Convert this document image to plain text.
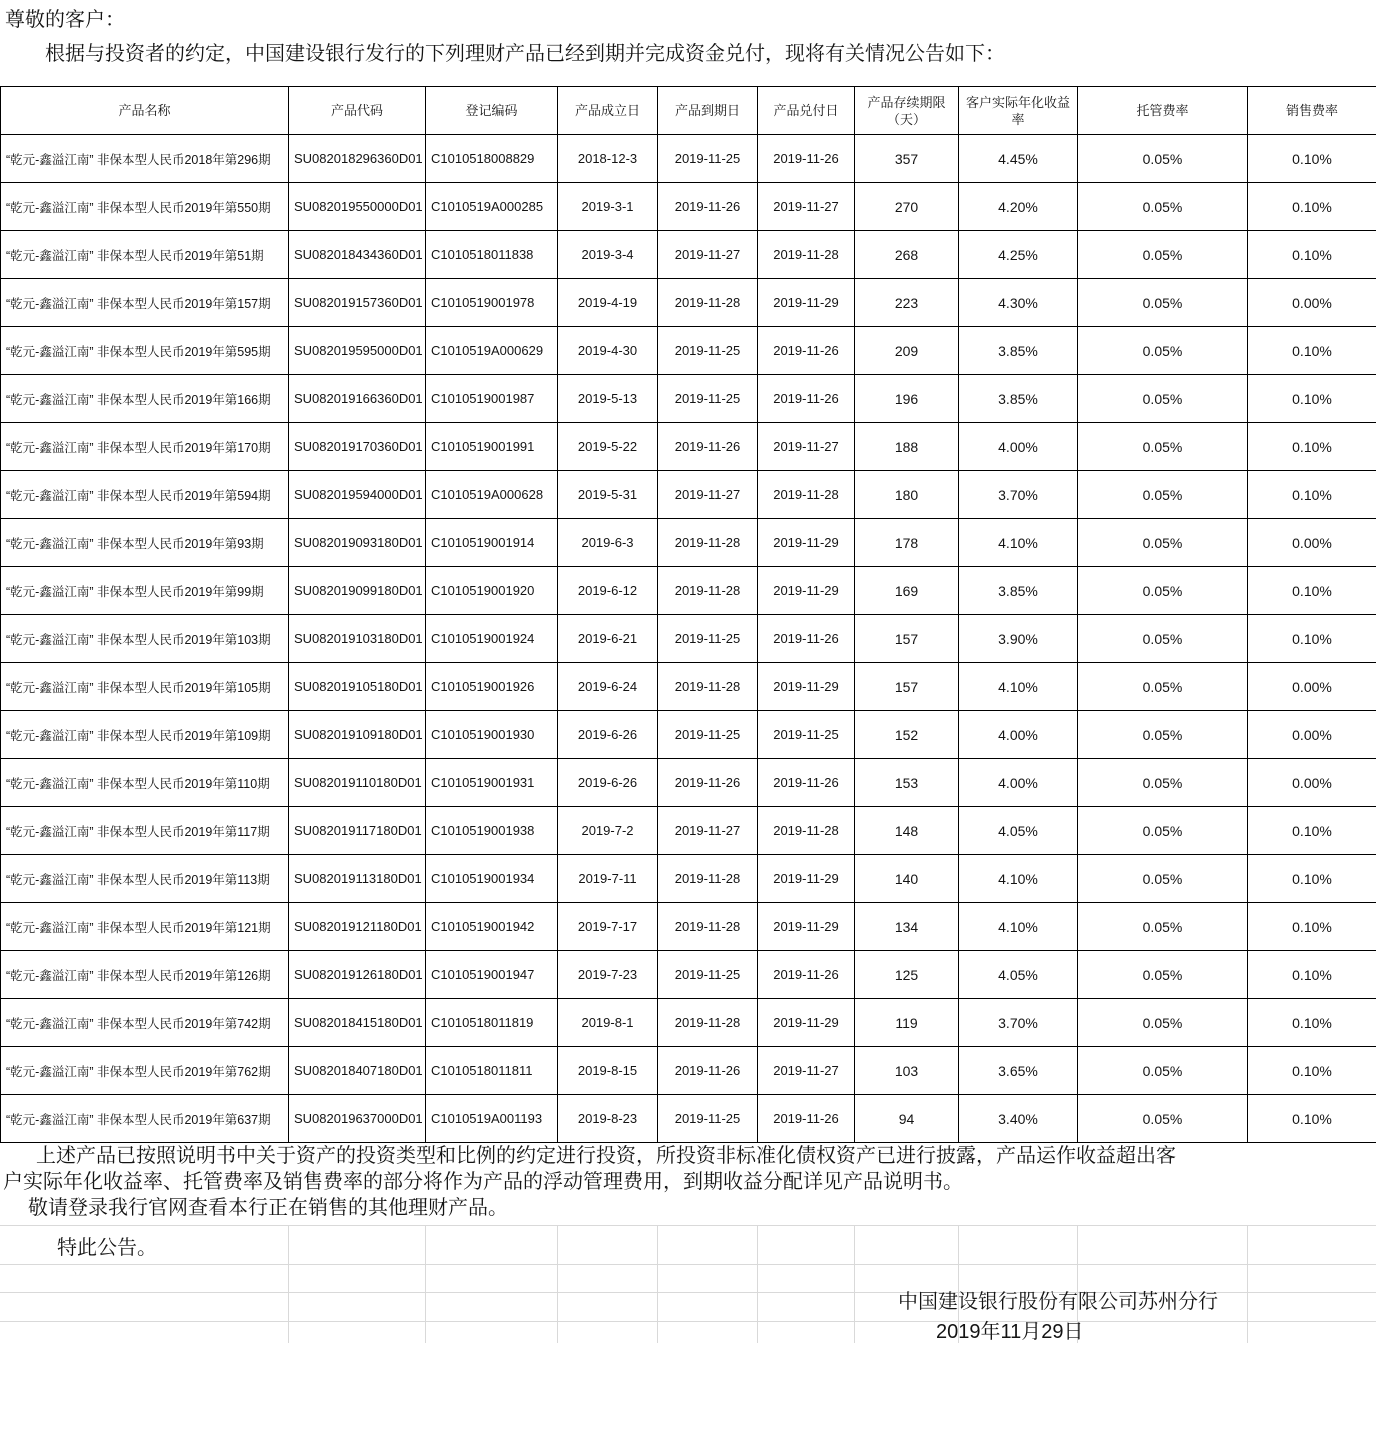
尊敬的客户：
根据与投资者的约定，中国建设银行发行的下列理财产品已经到期并完成资金兑付，现将有关情况公告如下：
产品名称	产品代码	登记编码	产品成立日	产品到期日	产品兑付日	产品存续期限（天）	客户实际年化收益率	托管费率	销售费率
“乾元-鑫溢江南” 非保本型人民币2018年第296期	SU082018296360D01	C1010518008829	2018-12-3	2019-11-25	2019-11-26	357	4.45%	0.05%	0.10%
“乾元-鑫溢江南” 非保本型人民币2019年第550期	SU082019550000D01	C1010519A000285	2019-3-1	2019-11-26	2019-11-27	270	4.20%	0.05%	0.10%
“乾元-鑫溢江南” 非保本型人民币2019年第51期	SU082018434360D01	C1010518011838	2019-3-4	2019-11-27	2019-11-28	268	4.25%	0.05%	0.10%
“乾元-鑫溢江南” 非保本型人民币2019年第157期	SU082019157360D01	C1010519001978	2019-4-19	2019-11-28	2019-11-29	223	4.30%	0.05%	0.00%
“乾元-鑫溢江南” 非保本型人民币2019年第595期	SU082019595000D01	C1010519A000629	2019-4-30	2019-11-25	2019-11-26	209	3.85%	0.05%	0.10%
“乾元-鑫溢江南” 非保本型人民币2019年第166期	SU082019166360D01	C1010519001987	2019-5-13	2019-11-25	2019-11-26	196	3.85%	0.05%	0.10%
“乾元-鑫溢江南” 非保本型人民币2019年第170期	SU082019170360D01	C1010519001991	2019-5-22	2019-11-26	2019-11-27	188	4.00%	0.05%	0.10%
“乾元-鑫溢江南” 非保本型人民币2019年第594期	SU082019594000D01	C1010519A000628	2019-5-31	2019-11-27	2019-11-28	180	3.70%	0.05%	0.10%
“乾元-鑫溢江南” 非保本型人民币2019年第93期	SU082019093180D01	C1010519001914	2019-6-3	2019-11-28	2019-11-29	178	4.10%	0.05%	0.00%
“乾元-鑫溢江南” 非保本型人民币2019年第99期	SU082019099180D01	C1010519001920	2019-6-12	2019-11-28	2019-11-29	169	3.85%	0.05%	0.10%
“乾元-鑫溢江南” 非保本型人民币2019年第103期	SU082019103180D01	C1010519001924	2019-6-21	2019-11-25	2019-11-26	157	3.90%	0.05%	0.10%
“乾元-鑫溢江南” 非保本型人民币2019年第105期	SU082019105180D01	C1010519001926	2019-6-24	2019-11-28	2019-11-29	157	4.10%	0.05%	0.00%
“乾元-鑫溢江南” 非保本型人民币2019年第109期	SU082019109180D01	C1010519001930	2019-6-26	2019-11-25	2019-11-25	152	4.00%	0.05%	0.00%
“乾元-鑫溢江南” 非保本型人民币2019年第110期	SU082019110180D01	C1010519001931	2019-6-26	2019-11-26	2019-11-26	153	4.00%	0.05%	0.00%
“乾元-鑫溢江南” 非保本型人民币2019年第117期	SU082019117180D01	C1010519001938	2019-7-2	2019-11-27	2019-11-28	148	4.05%	0.05%	0.10%
“乾元-鑫溢江南” 非保本型人民币2019年第113期	SU082019113180D01	C1010519001934	2019-7-11	2019-11-28	2019-11-29	140	4.10%	0.05%	0.10%
“乾元-鑫溢江南” 非保本型人民币2019年第121期	SU082019121180D01	C1010519001942	2019-7-17	2019-11-28	2019-11-29	134	4.10%	0.05%	0.10%
“乾元-鑫溢江南” 非保本型人民币2019年第126期	SU082019126180D01	C1010519001947	2019-7-23	2019-11-25	2019-11-26	125	4.05%	0.05%	0.10%
“乾元-鑫溢江南” 非保本型人民币2019年第742期	SU082018415180D01	C1010518011819	2019-8-1	2019-11-28	2019-11-29	119	3.70%	0.05%	0.10%
“乾元-鑫溢江南” 非保本型人民币2019年第762期	SU082018407180D01	C1010518011811	2019-8-15	2019-11-26	2019-11-27	103	3.65%	0.05%	0.10%
“乾元-鑫溢江南” 非保本型人民币2019年第637期	SU082019637000D01	C1010519A001193	2019-8-23	2019-11-25	2019-11-26	94	3.40%	0.05%	0.10%

上述产品已按照说明书中关于资产的投资类型和比例的约定进行投资，所投资非标准化债权资产已进行披露，产品运作收益超出客

户实际年化收益率、托管费率及销售费率的部分将作为产品的浮动管理费用，到期收益分配详见产品说明书。

敬请登录我行官网查看本行正在销售的其他理财产品。

特此公告。
中国建设银行股份有限公司苏州分行
2019年11月29日
